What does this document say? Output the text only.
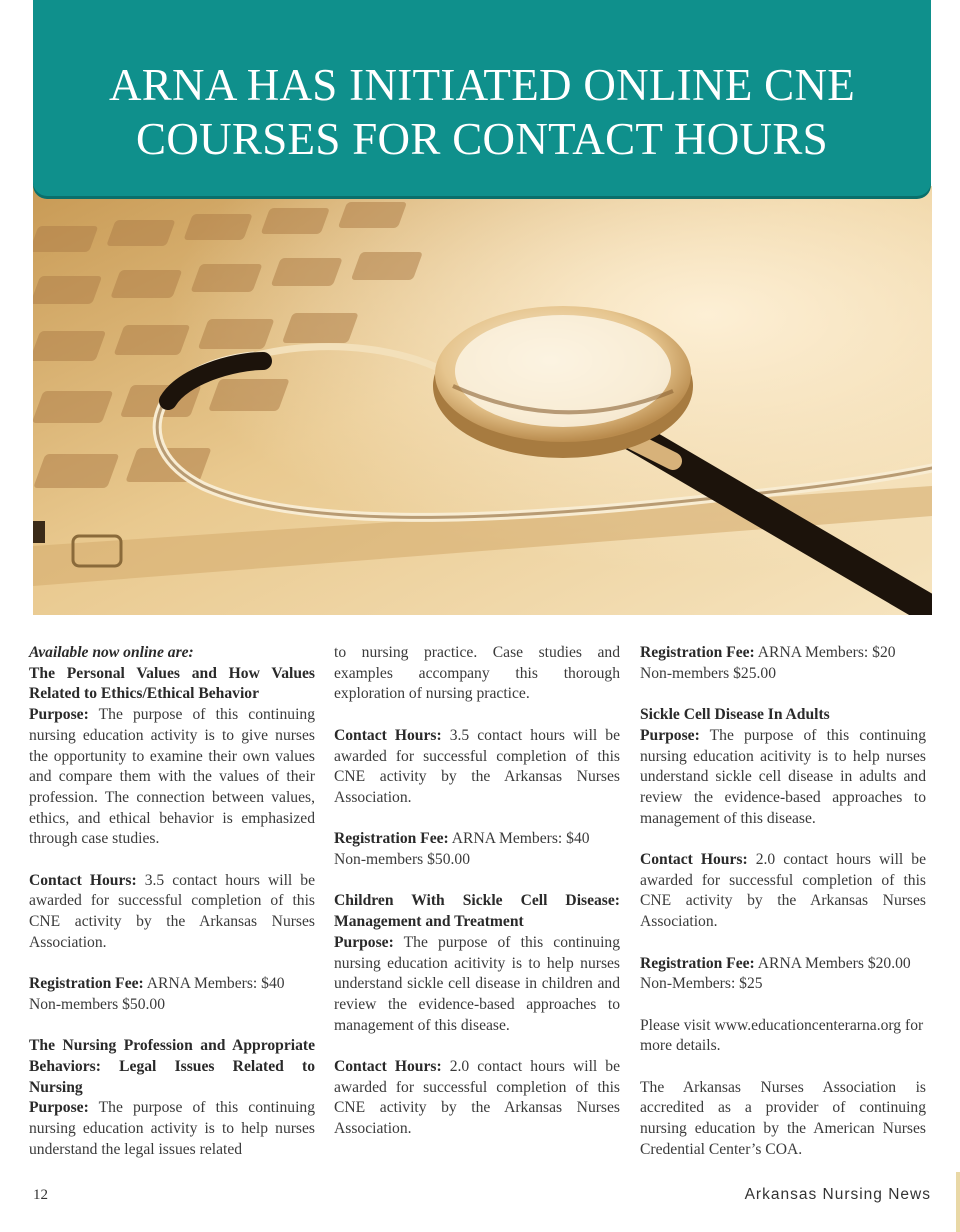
ARNA HAS INITIATED ONLINE CNE
COURSES FOR CONTACT HOURS

Available now online are:
The Personal Values and How Values Related to Ethics/Ethical Behavior
Purpose: The purpose of this continuing nursing education activity is to give nurses the opportunity to examine their own values and compare them with the values of their profession. The connection between values, ethics, and ethical behavior is emphasized through case studies.

Contact Hours: 3.5 contact hours will be awarded for successful completion of this CNE activity by the Arkansas Nurses Association.

Registration Fee: ARNA Members: $40
Non-members $50.00

The Nursing Profession and Appropriate Behaviors: Legal Issues Related to Nursing
Purpose: The purpose of this continuing nursing education activity is to help nurses understand the legal issues related

to nursing practice. Case studies and examples accompany this thorough exploration of nursing practice.

Contact Hours: 3.5 contact hours will be awarded for successful completion of this CNE activity by the Arkansas Nurses Association.

Registration Fee: ARNA Members: $40
Non-members $50.00

Children With Sickle Cell Disease: Management and Treatment
Purpose: The purpose of this continuing nursing education acitivity is to help nurses understand sickle cell disease in children and review the evidence-based approaches to management of this disease.

Contact Hours: 2.0 contact hours will be awarded for successful completion of this CNE activity by the Arkansas Nurses Association.

Registration Fee: ARNA Members: $20
Non-members $25.00

Sickle Cell Disease In Adults
Purpose: The purpose of this continuing nursing education acitivity is to help nurses understand sickle cell disease in adults and review the evidence-based approaches to management of this disease.

Contact Hours: 2.0 contact hours will be awarded for successful completion of this CNE activity by the Arkansas Nurses Association.

Registration Fee: ARNA Members $20.00
Non-Members: $25

Please visit www.educationcenterarna.org for more details.

The Arkansas Nurses Association is accredited as a provider of continuing nursing education by the American Nurses Credential Center’s COA.

12	Arkansas Nursing News
